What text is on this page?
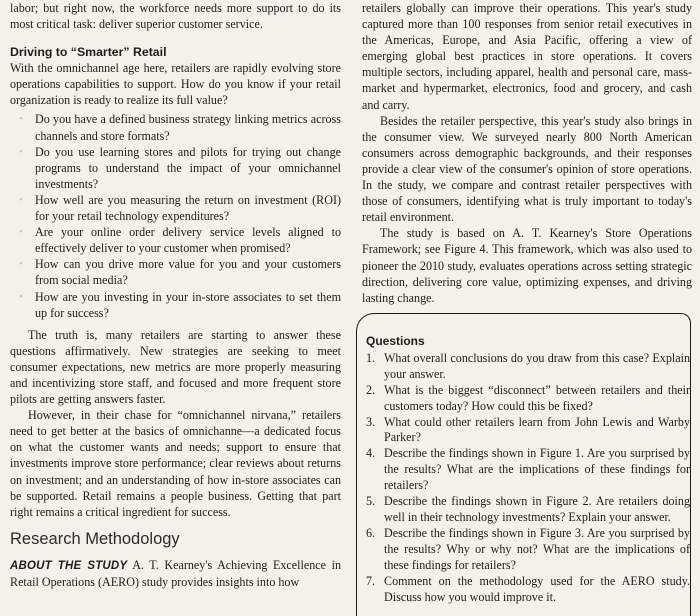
labor; but right now, the workforce needs more support to do its most critical task: deliver superior customer service.

Driving to “Smarter” Retail

With the omnichannel age here, retailers are rapidly evolving store operations capabilities to support. How do you know if your retail organization is ready to realize its full value?

• Do you have a defined business strategy linking metrics across channels and store formats?
• Do you use learning stores and pilots for trying out change programs to understand the impact of your omnichannel investments?
• How well are you measuring the return on investment (ROI) for your retail technology expenditures?
• Are your online order delivery service levels aligned to effectively deliver to your customer when promised?
• How can you drive more value for you and your customers from social media?
• How are you investing in your in-store associates to set them up for success?

The truth is, many retailers are starting to answer these questions affirmatively. New strategies are seeking to meet consumer expectations, new metrics are more properly measuring and incentivizing store staff, and focused and more frequent store pilots are getting answers faster.

However, in their chase for “omnichannel nirvana,” retailers need to get better at the basics of omnichanne—a dedicated focus on what the customer wants and needs; support to ensure that investments improve store performance; clear reviews about returns on investment; and an understanding of how in-store associates can be supported. Retail remains a people business. Getting that part right remains a critical ingredient for success.

Research Methodology

ABOUT THE STUDY A. T. Kearney's Achieving Excellence in Retail Operations (AERO) study provides insights into how

retailers globally can improve their operations. This year's study captured more than 100 responses from senior retail executives in the Americas, Europe, and Asia Pacific, offering a view of emerging global best practices in store operations. It covers multiple sectors, including apparel, health and personal care, mass-market and hypermarket, electronics, food and grocery, and cash and carry.

Besides the retailer perspective, this year's study also brings in the consumer view. We surveyed nearly 800 North American consumers across demographic backgrounds, and their responses provide a clear view of the consumer's opinion of store operations. In the study, we compare and contrast retailer perspectives with those of consumers, identifying what is truly important to today's retail environment.

The study is based on A. T. Kearney's Store Operations Framework; see Figure 4. This framework, which was also used to pioneer the 2010 study, evaluates operations across setting strategic direction, delivering core value, optimizing expenses, and driving lasting change.

Questions
1. What overall conclusions do you draw from this case? Explain your answer.
2. What is the biggest “disconnect” between retailers and their customers today? How could this be fixed?
3. What could other retailers learn from John Lewis and Warby Parker?
4. Describe the findings shown in Figure 1. Are you surprised by the results? What are the implications of these findings for retailers?
5. Describe the findings shown in Figure 2. Are retailers doing well in their technology investments? Explain your answer.
6. Describe the findings shown in Figure 3. Are you surprised by the results? Why or why not? What are the implications of these findings for retailers?
7. Comment on the methodology used for the AERO study. Discuss how you would improve it.
